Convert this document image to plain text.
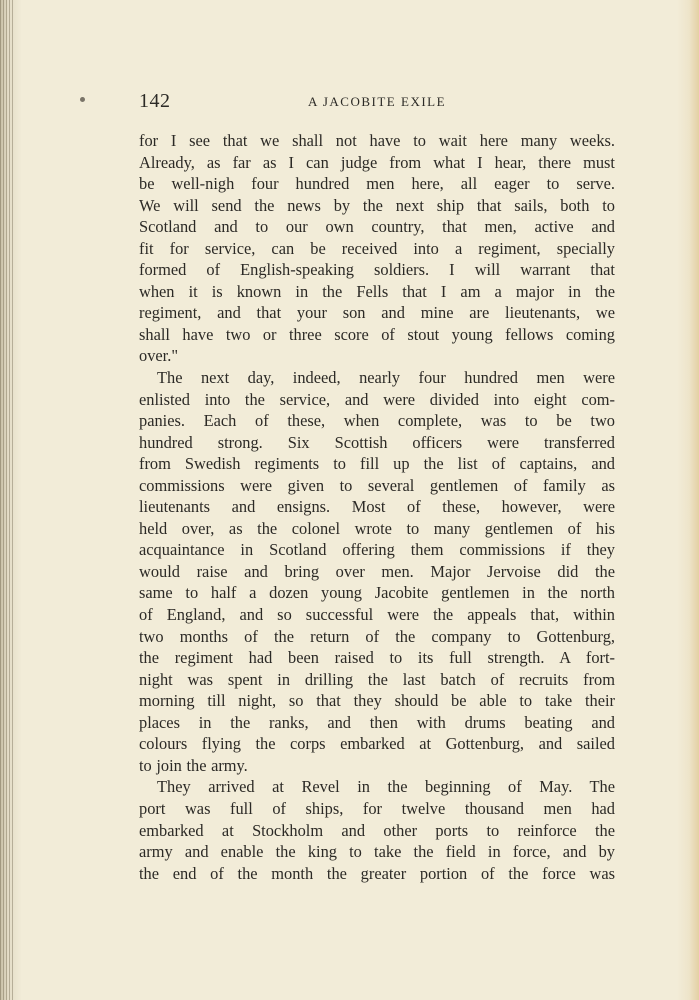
142	A JACOBITE EXILE
for I see that we shall not have to wait here many weeks.
Already, as far as I can judge from what I hear, there must
be well-nigh four hundred men here, all eager to serve.
We will send the news by the next ship that sails, both to
Scotland and to our own country, that men, active and
fit for service, can be received into a regiment, specially
formed of English-speaking soldiers. I will warrant that
when it is known in the Fells that I am a major in the
regiment, and that your son and mine are lieutenants, we
shall have two or three score of stout young fellows coming
over."
The next day, indeed, nearly four hundred men were
enlisted into the service, and were divided into eight com-
panies. Each of these, when complete, was to be two
hundred strong. Six Scottish officers were transferred
from Swedish regiments to fill up the list of captains, and
commissions were given to several gentlemen of family as
lieutenants and ensigns. Most of these, however, were
held over, as the colonel wrote to many gentlemen of his
acquaintance in Scotland offering them commissions if they
would raise and bring over men. Major Jervoise did the
same to half a dozen young Jacobite gentlemen in the north
of England, and so successful were the appeals that, within
two months of the return of the company to Gottenburg,
the regiment had been raised to its full strength. A fort-
night was spent in drilling the last batch of recruits from
morning till night, so that they should be able to take their
places in the ranks, and then with drums beating and
colours flying the corps embarked at Gottenburg, and sailed
to join the army.
They arrived at Revel in the beginning of May. The
port was full of ships, for twelve thousand men had
embarked at Stockholm and other ports to reinforce the
army and enable the king to take the field in force, and by
the end of the month the greater portion of the force was
